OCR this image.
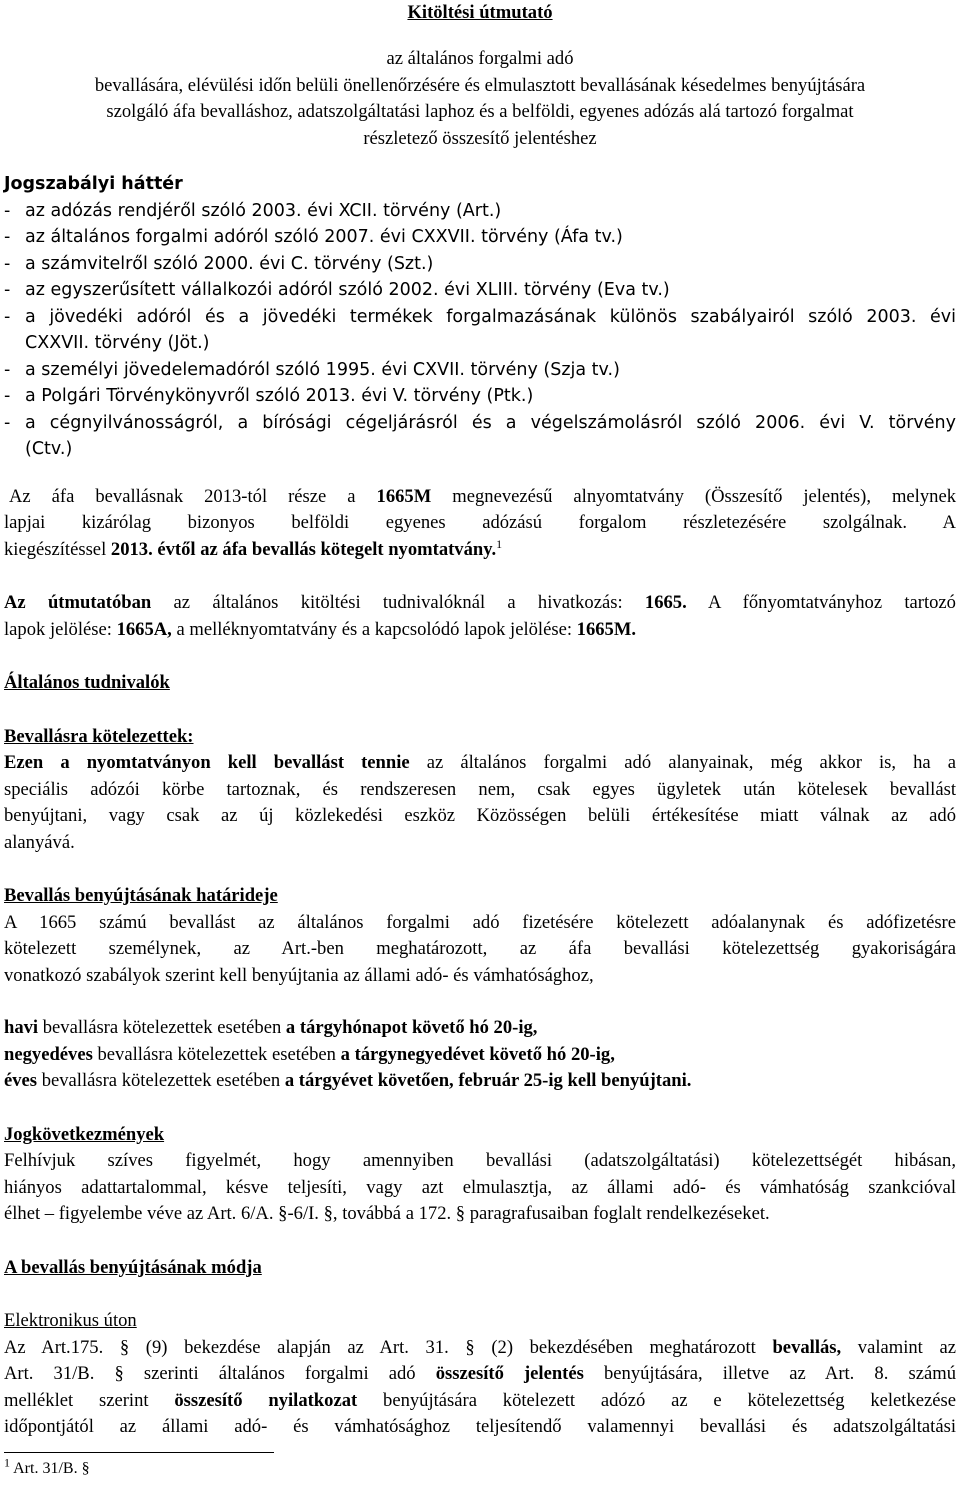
Kitöltési útmutató
az általános forgalmi adó
bevallására, elévülési időn belüli önellenőrzésére és elmulasztott bevallásának késedelmes benyújtására
szolgáló áfa bevalláshoz, adatszolgáltatási laphoz és a belföldi, egyenes adózás alá tartozó forgalmat
részletező összesítő jelentéshez
Jogszabályi háttér
- az adózás rendjéről szóló 2003. évi XCII. törvény (Art.)
- az általános forgalmi adóról szóló 2007. évi CXXVII. törvény (Áfa tv.)
- a számvitelről szóló 2000. évi C. törvény (Szt.)
- az egyszerűsített vállalkozói adóról szóló 2002. évi XLIII. törvény (Eva tv.)
- a jövedéki adóról és a jövedéki termékek forgalmazásának különös szabályairól szóló 2003. évi
CXXVII. törvény (Jöt.)
- a személyi jövedelemadóról szóló 1995. évi CXVII. törvény (Szja tv.)
- a Polgári Törvénykönyvről szóló 2013. évi V. törvény (Ptk.)
- a cégnyilvánosságról, a bírósági cégeljárásról és a végelszámolásról szóló 2006. évi V. törvény
(Ctv.)
Az áfa bevallásnak 2013-tól része a 1665M megnevezésű alnyomtatvány (Összesítő jelentés), melynek
lapjai kizárólag bizonyos belföldi egyenes adózású forgalom részletezésére szolgálnak. A
kiegészítéssel 2013. évtől az áfa bevallás kötegelt nyomtatvány.$^1$
Az útmutatóban az általános kitöltési tudnivalóknál a hivatkozás: 1665. A főnyomtatványhoz tartozó
lapok jelölése: 1665A, a melléknyomtatvány és a kapcsolódó lapok jelölése: 1665M.
Általános tudnivalók
Bevallásra kötelezettek:
Ezen a nyomtatványon kell bevallást tennie az általános forgalmi adó alanyainak, még akkor is, ha a
speciális adózói körbe tartoznak, és rendszeresen nem, csak egyes ügyletek után kötelesek bevallást
benyújtani, vagy csak az új közlekedési eszköz Közösségen belüli értékesítése miatt válnak az adó
alanyává.
Bevallás benyújtásának határideje
A 1665 számú bevallást az általános forgalmi adó fizetésére kötelezett adóalanynak és adófizetésre
kötelezett személynek, az Art.-ben meghatározott, az áfa bevallási kötelezettség gyakoriságára
vonatkozó szabályok szerint kell benyújtania az állami adó- és vámhatósághoz,
havi bevallásra kötelezettek esetében a tárgyhónapot követő hó 20-ig,
negyedéves bevallásra kötelezettek esetében a tárgynegyedévet követő hó 20-ig,
éves bevallásra kötelezettek esetében a tárgyévet követően, február 25-ig kell benyújtani.
Jogkövetkezmények
Felhívjuk szíves figyelmét, hogy amennyiben bevallási (adatszolgáltatási) kötelezettségét hibásan,
hiányos adattartalommal, késve teljesíti, vagy azt elmulasztja, az állami adó- és vámhatóság szankcióval
élhet – figyelembe véve az Art. 6/A. §-6/I. §, továbbá a 172. § paragrafusaiban foglalt rendelkezéseket.
A bevallás benyújtásának módja
Elektronikus úton
Az Art.175. § (9) bekezdése alapján az Art. 31. § (2) bekezdésében meghatározott bevallás, valamint az
Art. 31/B. § szerinti általános forgalmi adó összesítő jelentés benyújtására, illetve az Art. 8. számú
melléklet szerint összesítő nyilatkozat benyújtására kötelezett adózó az e kötelezettség keletkezése
időpontjától az állami adó- és vámhatósághoz teljesítendő valamennyi bevallási és adatszolgáltatási
$^1$ Art. 31/B. §
